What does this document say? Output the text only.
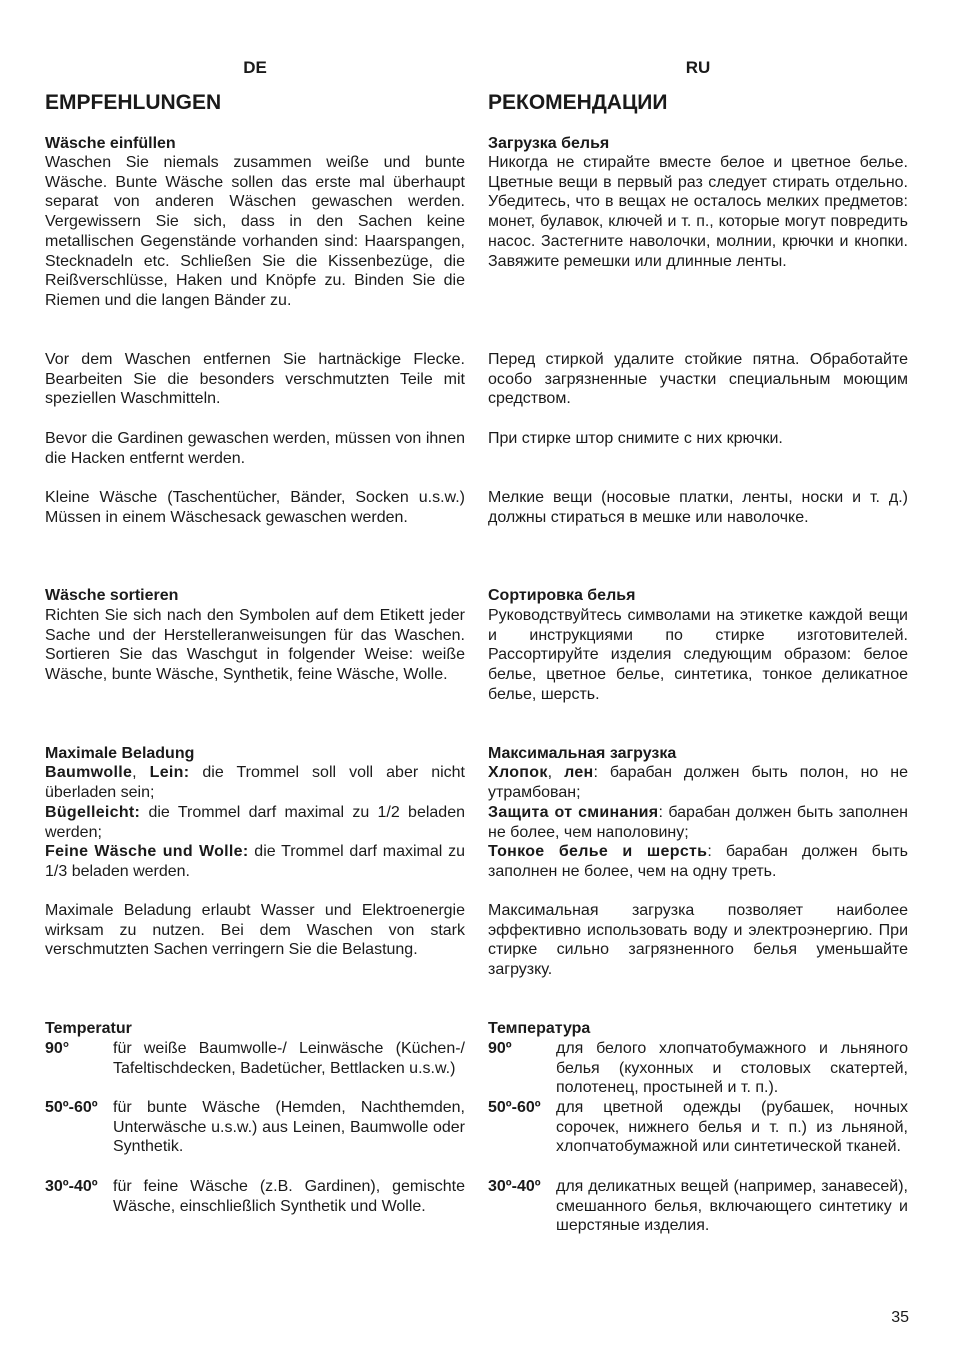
DE
EMPFEHLUNGEN
Wäsche einfüllen
Waschen Sie niemals zusammen weiße und bunte Wäsche. Bunte Wäsche sollen das erste mal überhaupt separat von anderen Wäschen gewaschen werden. Vergewissern Sie sich, dass in den Sachen keine metallischen Gegenstände vorhanden sind: Haarspangen, Stecknadeln etc. Schließen Sie die Kissenbezüge, die Reißverschlüsse, Haken und Knöpfe zu. Binden Sie die Riemen und die langen Bänder zu.
Vor dem Waschen entfernen Sie hartnäckige Flecke. Bearbeiten Sie die besonders verschmutzten Teile mit speziellen Waschmitteln.
Bevor die Gardinen gewaschen werden, müssen von ihnen die Hacken entfernt werden.
Kleine Wäsche (Taschentücher, Bänder, Socken u.s.w.) Müssen in einem Wäschesack gewaschen werden.
Wäsche sortieren
Richten Sie sich nach den Symbolen auf dem Etikett jeder Sache und der Herstelleranweisungen für das Waschen. Sortieren Sie das Waschgut in folgender Weise: weiße Wäsche, bunte Wäsche, Synthetik, feine Wäsche, Wolle.
Maximale Beladung
Baumwolle, Lein: die Trommel soll voll aber nicht überladen sein;
Bügelleicht: die Trommel darf maximal zu 1/2 beladen werden;
Feine Wäsche und Wolle: die Trommel darf maximal zu 1/3 beladen werden.
Maximale Beladung erlaubt Wasser und Elektroenergie wirksam zu nutzen. Bei dem Waschen von stark verschmutzten Sachen verringern Sie die Belastung.
Temperatur
90°	für weiße Baumwolle-/ Leinwäsche (Küchen-/ Tafeltischdecken, Badetücher, Bettlacken u.s.w.)
50º-60º für bunte Wäsche (Hemden, Nachthemden, Unterwäsche u.s.w.) aus Leinen, Baumwolle oder Synthetik.
30º-40º für feine Wäsche (z.B. Gardinen), gemischte Wäsche, einschließlich Synthetik und Wolle.
RU
РЕКОМЕНДАЦИИ
Загрузка белья
Никогда не стирайте вместе белое и цветное белье. Цветные вещи в первый раз следует стирать отдельно. Убедитесь, что в вещах не осталось мелких предметов: монет, булавок, ключей и т. п., которые могут повредить насос. Застегните наволочки, молнии, крючки и кнопки. Завяжите ремешки или длинные ленты.
Перед стиркой удалите стойкие пятна. Обработайте особо загрязненные участки специальным моющим средством.
При стирке штор снимите с них крючки.
Мелкие вещи (носовые платки, ленты, носки и т. д.) должны стираться в мешке или наволочке.
Сортировка белья
Руководствуйтесь символами на этикетке каждой вещи и инструкциями по стирке изготовителей. Рассортируйте изделия следующим образом: белое белье, цветное белье, синтетика, тонкое деликатное белье, шерсть.
Максимальная загрузка
Хлопок, лен: барабан должен быть полон, но не утрамбован;
Защита от сминания: барабан должен быть заполнен не более, чем наполовину;
Тонкое белье и шерсть: барабан должен быть заполнен не более, чем на одну треть.
Максимальная загрузка позволяет наиболее эффективно использовать воду и электроэнергию. При стирке сильно загрязненного белья уменьшайте загрузку.
Температура
90º	для белого хлопчатобумажного и льняного белья (кухонных и столовых скатертей, полотенец, простыней и т. п.).
50º-60º для цветной одежды (рубашек, ночных сорочек, нижнего белья и т. п.) из льняной, хлопчатобумажной или синтетической тканей.
30º-40º для деликатных вещей (например, занавесей), смешанного белья, включающего синтетику и шерстяные изделия.
35
